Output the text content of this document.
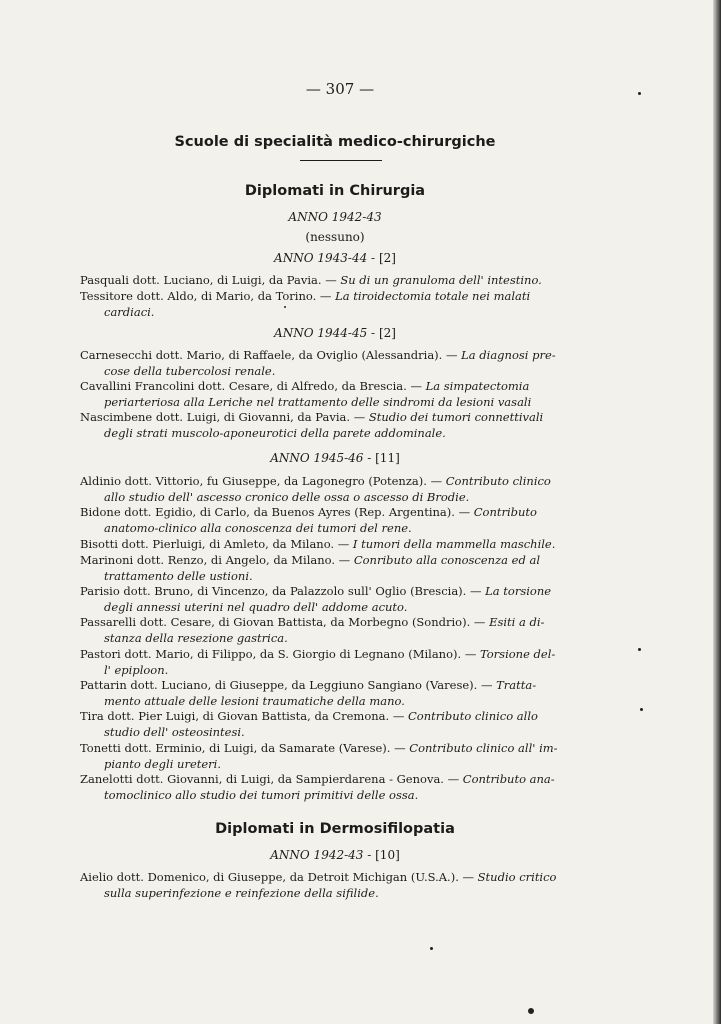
— 307 —
Scuole di specialità medico-chirurgiche
Diplomati in Chirurgia
ANNO 1942-43
(nessuno)
ANNO 1943-44 - [2]
Pasquali dott. Luciano, di Luigi, da Pavia. — Su di un granuloma dell' intestino.
Tessitore dott. Aldo, di Mario, da Torino. — La tiroidectomia totale nei malati
cardiaci.
ANNO 1944-45 - [2]
Carnesecchi dott. Mario, di Raffaele, da Oviglio (Alessandria). — La diagnosi pre-
cose della tubercolosi renale.
Cavallini Francolini dott. Cesare, di Alfredo, da Brescia. — La simpatectomia
periarteriosa alla Leriche nel trattamento delle sindromi da lesioni vasali
Nascimbene dott. Luigi, di Giovanni, da Pavia. — Studio dei tumori connettivali
degli strati muscolo-aponeurotici della parete addominale.
ANNO 1945-46 - [11]
Aldinio dott. Vittorio, fu Giuseppe, da Lagonegro (Potenza). — Contributo clinico
allo studio dell' ascesso cronico delle ossa o ascesso di Brodie.
Bidone dott. Egidio, di Carlo, da Buenos Ayres (Rep. Argentina). — Contributo
anatomo-clinico alla conoscenza dei tumori del rene.
Bisotti dott. Pierluigi, di Amleto, da Milano. — I tumori della mammella maschile.
Marinoni dott. Renzo, di Angelo, da Milano. — Conributo alla conoscenza ed al
trattamento delle ustioni.
Parisio dott. Bruno, di Vincenzo, da Palazzolo sull' Oglio (Brescia). — La torsione
degli annessi uterini nel quadro dell' addome acuto.
Passarelli dott. Cesare, di Giovan Battista, da Morbegno (Sondrio). — Esiti a di-
stanza della resezione gastrica.
Pastori dott. Mario, di Filippo, da S. Giorgio di Legnano (Milano). — Torsione del-
l' epiploon.
Pattarin dott. Luciano, di Giuseppe, da Leggiuno Sangiano (Varese). — Tratta-
mento attuale delle lesioni traumatiche della mano.
Tira dott. Pier Luigi, di Giovan Battista, da Cremona. — Contributo clinico allo
studio dell' osteosintesi.
Tonetti dott. Erminio, di Luigi, da Samarate (Varese). — Contributo clinico all' im-
pianto degli ureteri.
Zanelotti dott. Giovanni, di Luigi, da Sampierdarena - Genova. — Contributo ana-
tomoclinico allo studio dei tumori primitivi delle ossa.
Diplomati in Dermosifilopatia
ANNO 1942-43 - [10]
Aielio dott. Domenico, di Giuseppe, da Detroit Michigan (U.S.A.). — Studio critico
sulla superinfezione e reinfezione della sifilide.
